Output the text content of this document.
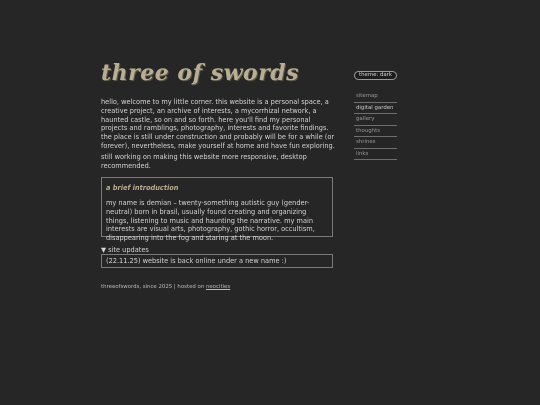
three of swords

hello, welcome to my little corner. this website is a personal space, a creative project, an archive of interests, a mycorrhizal network, a haunted castle, so on and so forth. here you'll find my personal projects and ramblings, photography, interests and favorite findings. the place is still under construction and probably will be for a while (or forever), nevertheless, make yourself at home and have fun exploring.

still working on making this website more responsive, desktop recommended.

a brief introduction

my name is demian – twenty-something autistic guy (gender-neutral) born in brasil, usually found creating and organizing things, listening to music and haunting the narrative. my main interests are visual arts, photography, gothic horror, occultism, disappearing into the fog and staring at the moon.

▼ site updates
(22.11.25) website is back online under a new name :)
threeofswords, since 2025 | hosted on neocities
theme: dark
sitemap
digital garden
gallery
thoughts
shrines
links
